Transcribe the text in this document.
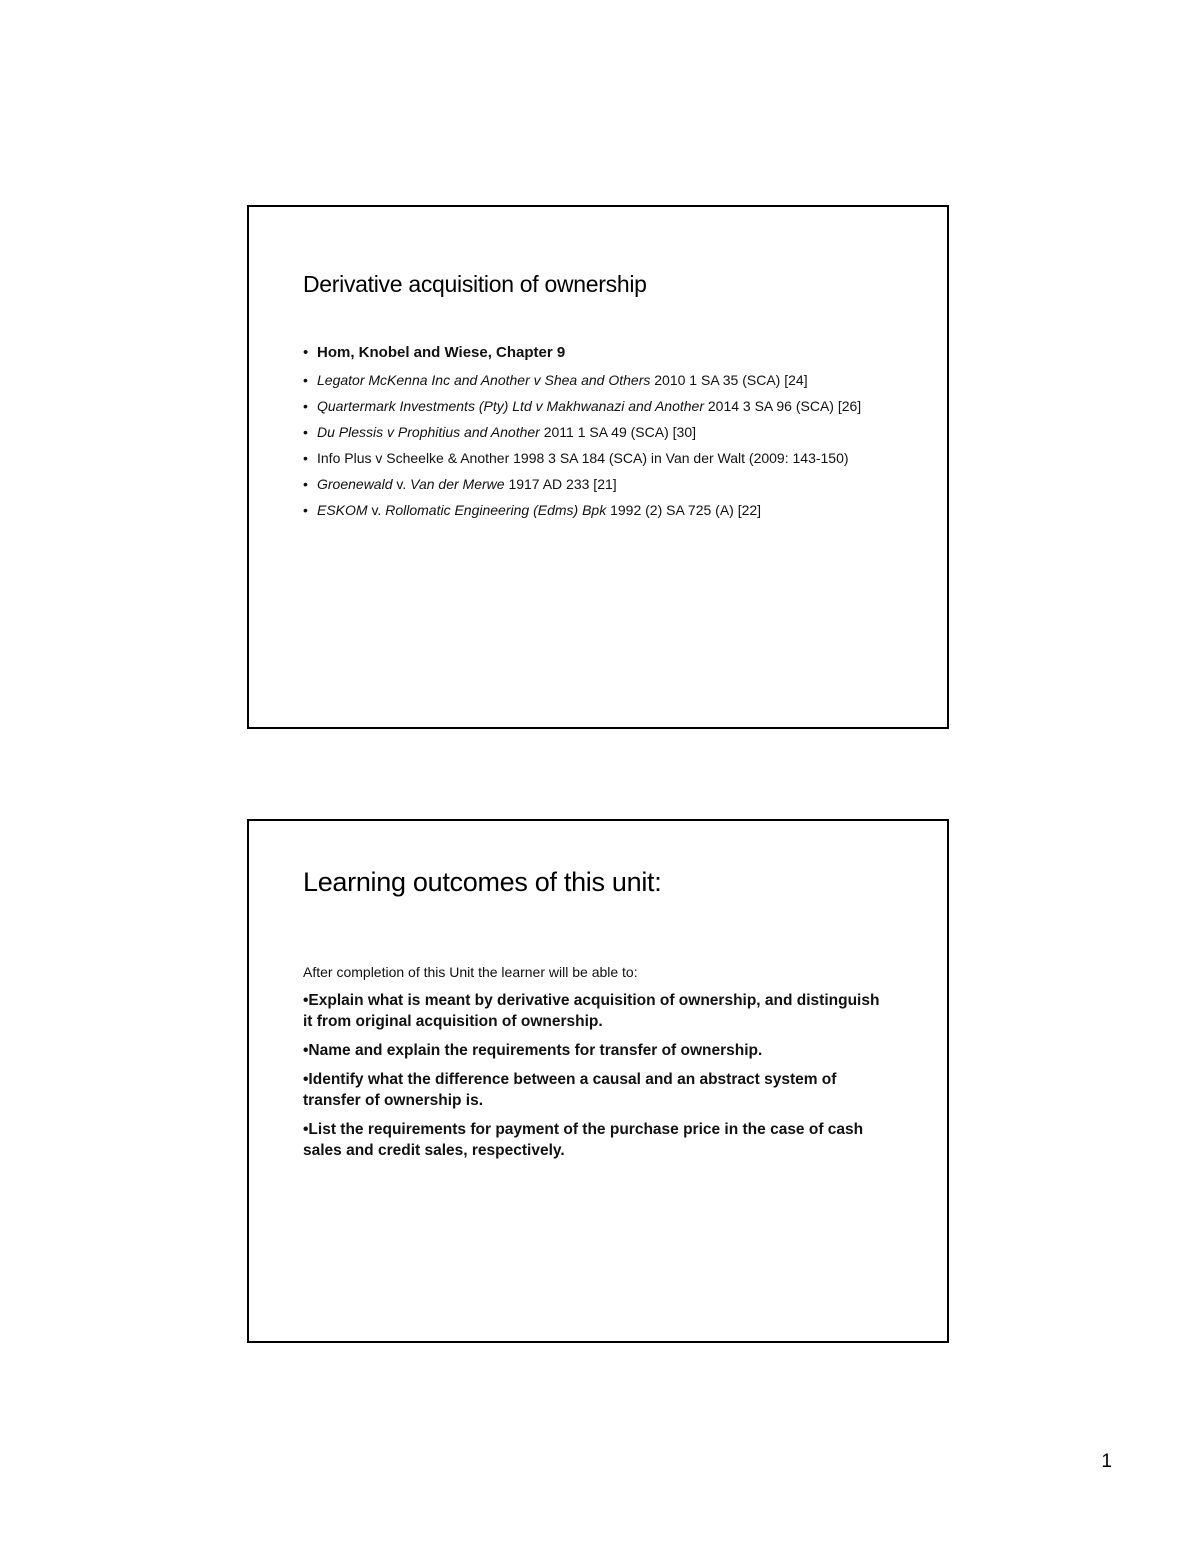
Derivative acquisition of ownership
• Hom, Knobel and Wiese, Chapter 9
• Legator McKenna Inc and Another v Shea and Others 2010 1 SA 35 (SCA) [24]
• Quartermark Investments (Pty) Ltd v Makhwanazi and Another 2014 3 SA 96 (SCA) [26]
• Du Plessis v Prophitius and Another 2011 1 SA 49 (SCA) [30]
• Info Plus v Scheelke & Another 1998 3 SA 184 (SCA) in Van der Walt (2009: 143-150)
• Groenewald v. Van der Merwe 1917 AD 233 [21]
• ESKOM v. Rollomatic Engineering (Edms) Bpk 1992 (2) SA 725 (A) [22]
Learning outcomes of this unit:

After completion of this Unit the learner will be able to:

•Explain what is meant by derivative acquisition of ownership, and distinguish it from original acquisition of ownership.
•Name and explain the requirements for transfer of ownership.
•Identify what the difference between a causal and an abstract system of transfer of ownership is.
•List the requirements for payment of the purchase price in the case of cash sales and credit sales, respectively.
1
